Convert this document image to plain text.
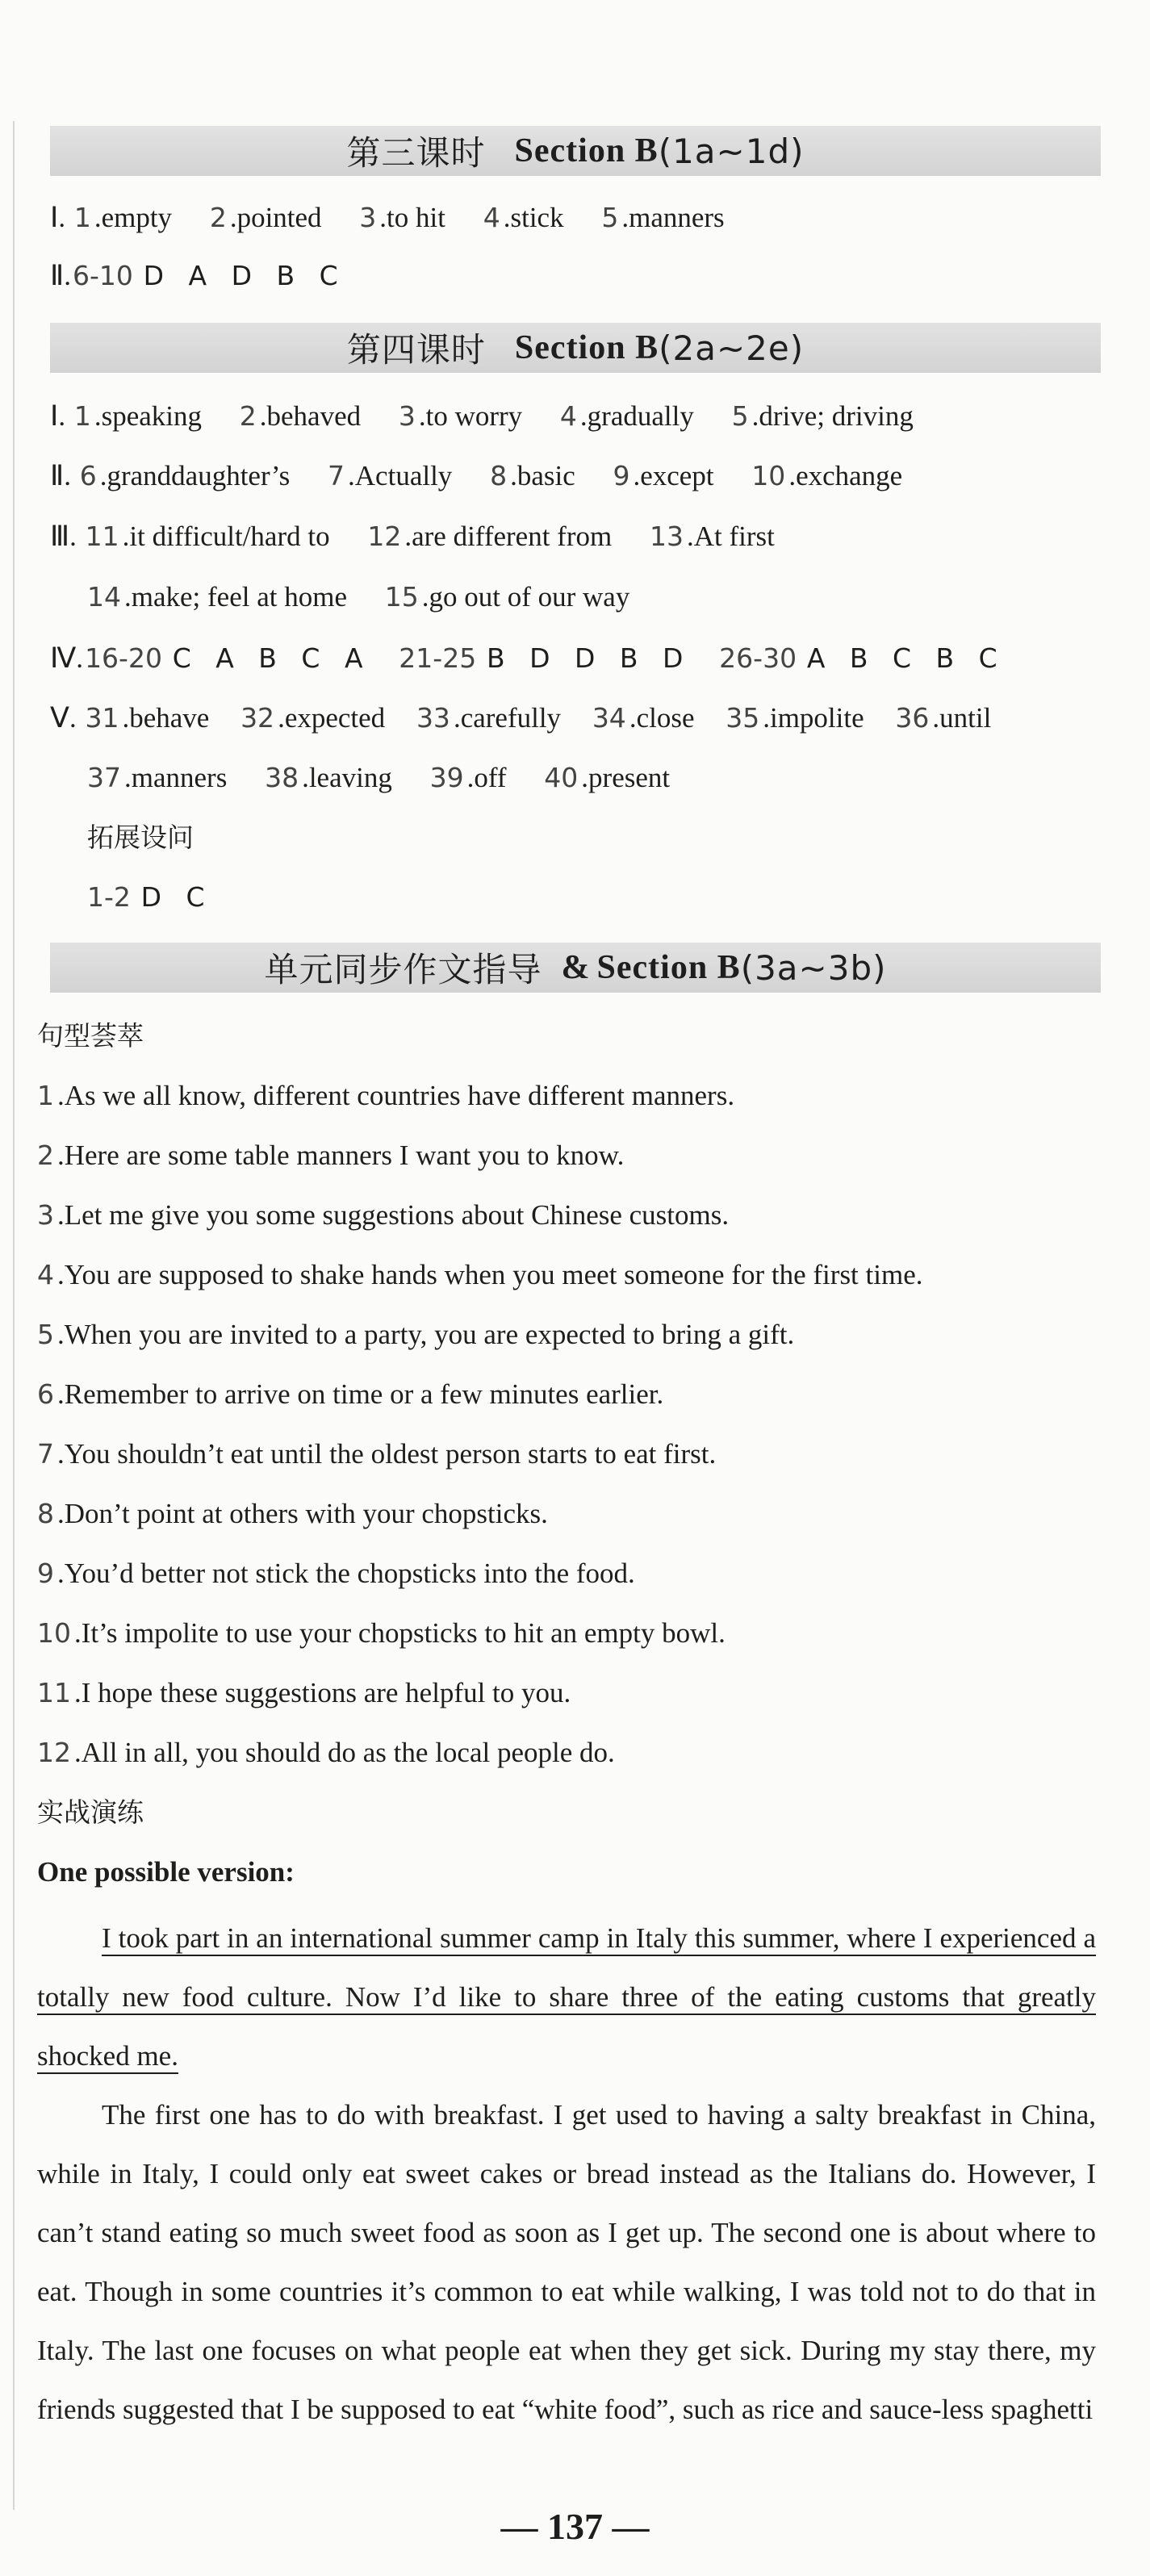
第三课时 Section B (1a~1d)
Ⅰ. 1 .empty 2 .pointed 3 .to hit 4 .stick 5 .manners
Ⅱ.6-10 D A D B C
第四课时 Section B (2a~2e)
Ⅰ. 1 .speaking 2 .behaved 3 .to worry 4 .gradually 5 .drive; driving
Ⅱ. 6 .granddaughter’s 7 .Actually 8 .basic 9 .except 10 .exchange
Ⅲ. 11 .it difficult/hard to 12 .are different from 13 .At first
14 .make; feel at home 15 .go out of our way
Ⅳ.16-20 C A B C A 21-25 B D D B D 26-30 A B C B C
Ⅴ. 31 .behave 32 .expected 33 .carefully 34 .close 35 .impolite 36 .until
37 .manners 38 .leaving 39 .off 40 .present
拓展设问
1-2 D C
单元同步作文指导 & Section B (3a~3b)
句型荟萃
1 .As we all know, different countries have different manners.
2 .Here are some table manners I want you to know.
3 .Let me give you some suggestions about Chinese customs.
4 .You are supposed to shake hands when you meet someone for the first time.
5 .When you are invited to a party, you are expected to bring a gift.
6 .Remember to arrive on time or a few minutes earlier.
7 .You shouldn’t eat until the oldest person starts to eat first.
8 .Don’t point at others with your chopsticks.
9 .You’d better not stick the chopsticks into the food.
10 .It’s impolite to use your chopsticks to hit an empty bowl.
11 .I hope these suggestions are helpful to you.
12 .All in all, you should do as the local people do.
实战演练
One possible version:

I took part in an international summer camp in Italy this summer, where I experienced a totally new food culture. Now I’d like to share three of the eating customs that greatly shocked me.

The first one has to do with breakfast. I get used to having a salty breakfast in China, while in Italy, I could only eat sweet cakes or bread instead as the Italians do. However, I can’t stand eating so much sweet food as soon as I get up. The second one is about where to eat. Though in some countries it’s common to eat while walking, I was told not to do that in Italy. The last one focuses on what people eat when they get sick. During my stay there, my friends suggested that I be supposed to eat “white food”, such as rice and sauce-less spaghetti

— 137 —
